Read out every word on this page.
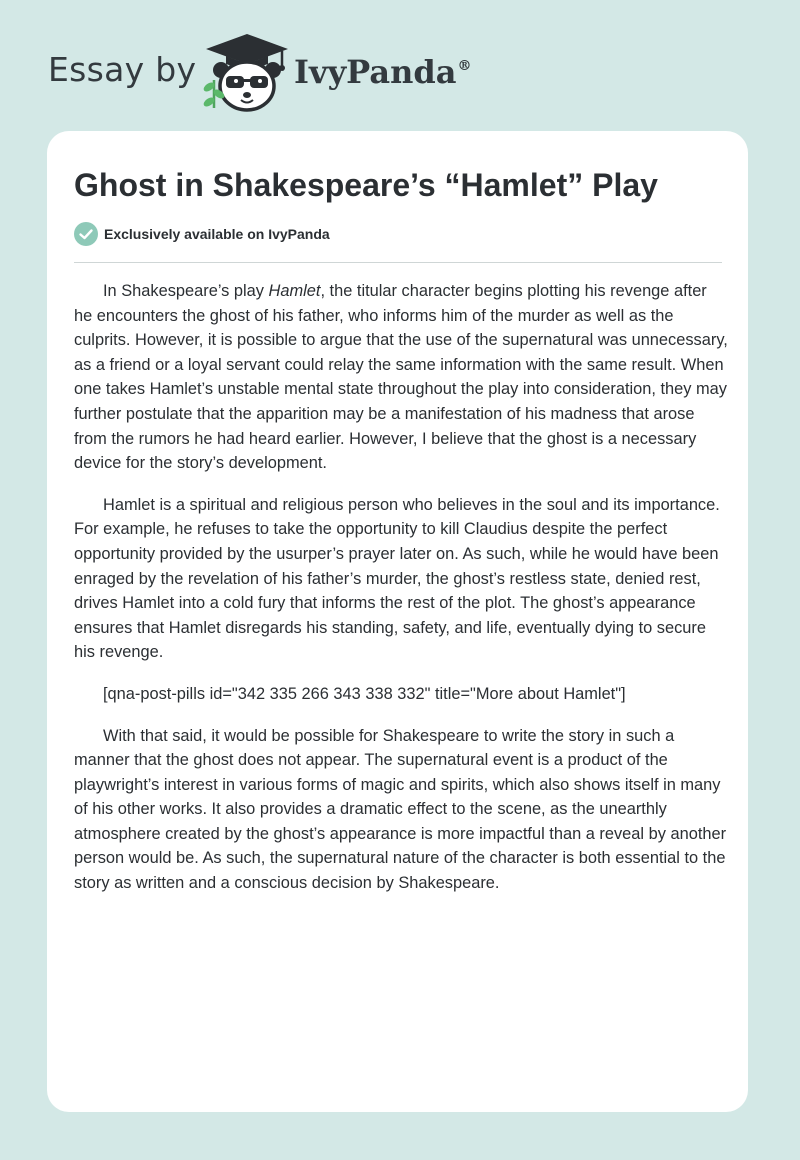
Essay by	IvyPanda®
Ghost in Shakespeare’s “Hamlet” Play
Exclusively available on IvyPanda

In Shakespeare’s play Hamlet, the titular character begins plotting his revenge after he encounters the ghost of his father, who informs him of the murder as well as the culprits. However, it is possible to argue that the use of the supernatural was unnecessary, as a friend or a loyal servant could relay the same information with the same result. When one takes Hamlet’s unstable mental state throughout the play into consideration, they may further postulate that the apparition may be a manifestation of his madness that arose from the rumors he had heard earlier. However, I believe that the ghost is a necessary device for the story’s development.

Hamlet is a spiritual and religious person who believes in the soul and its importance. For example, he refuses to take the opportunity to kill Claudius despite the perfect opportunity provided by the usurper’s prayer later on. As such, while he would have been enraged by the revelation of his father’s murder, the ghost’s restless state, denied rest, drives Hamlet into a cold fury that informs the rest of the plot. The ghost’s appearance ensures that Hamlet disregards his standing, safety, and life, eventually dying to secure his revenge.

[qna-post-pills id="342 335 266 343 338 332" title="More about Hamlet"]

With that said, it would be possible for Shakespeare to write the story in such a manner that the ghost does not appear. The supernatural event is a product of the playwright’s interest in various forms of magic and spirits, which also shows itself in many of his other works. It also provides a dramatic effect to the scene, as the unearthly atmosphere created by the ghost’s appearance is more impactful than a reveal by another person would be. As such, the supernatural nature of the character is both essential to the story as written and a conscious decision by Shakespeare.
